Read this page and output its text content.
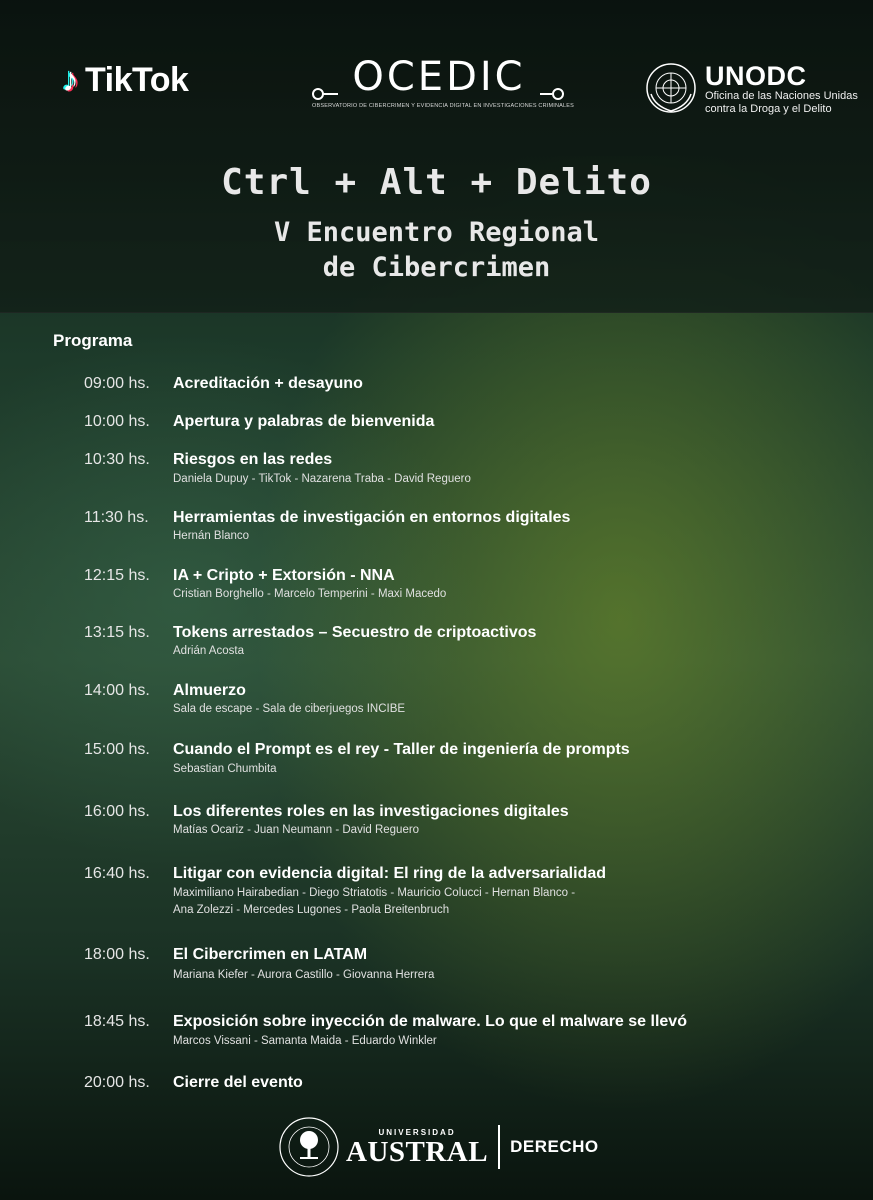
♪ TikTok	OCEDIC
OBSERVATORIO DE CIBERCRIMEN Y EVIDENCIA DIGITAL EN INVESTIGACIONES CRIMINALES
UNODC
Oficina de las Naciones Unidas
contra la Droga y el Delito
Ctrl + Alt + Delito
V Encuentro Regional
de Cibercrimen
Programa
09:00 hs. Acreditación + desayuno
10:00 hs. Apertura y palabras de bienvenida
10:30 hs. Riesgos en las redes
Daniela Dupuy - TikTok - Nazarena Traba - David Reguero
11:30 hs. Herramientas de investigación en entornos digitales
Hernán Blanco
12:15 hs. IA + Cripto + Extorsión - NNA
Cristian Borghello - Marcelo Temperini - Maxi Macedo
13:15 hs. Tokens arrestados – Secuestro de criptoactivos
Adrián Acosta
14:00 hs. Almuerzo
Sala de escape - Sala de ciberjuegos INCIBE
15:00 hs. Cuando el Prompt es el rey - Taller de ingeniería de prompts
Sebastian Chumbita
16:00 hs. Los diferentes roles en las investigaciones digitales
Matías Ocariz - Juan Neumann - David Reguero
16:40 hs. Litigar con evidencia digital: El ring de la adversarialidad
Maximiliano Hairabedian - Diego Striatotis - Mauricio Colucci - Hernan Blanco -
Ana Zolezzi - Mercedes Lugones - Paola Breitenbruch
18:00 hs. El Cibercrimen en LATAM
Mariana Kiefer - Aurora Castillo - Giovanna Herrera
18:45 hs. Exposición sobre inyección de malware. Lo que el malware se llevó
Marcos Vissani - Samanta Maida - Eduardo Winkler
20:00 hs. Cierre del evento
UNIVERSIDAD
AUSTRAL DERECHO
